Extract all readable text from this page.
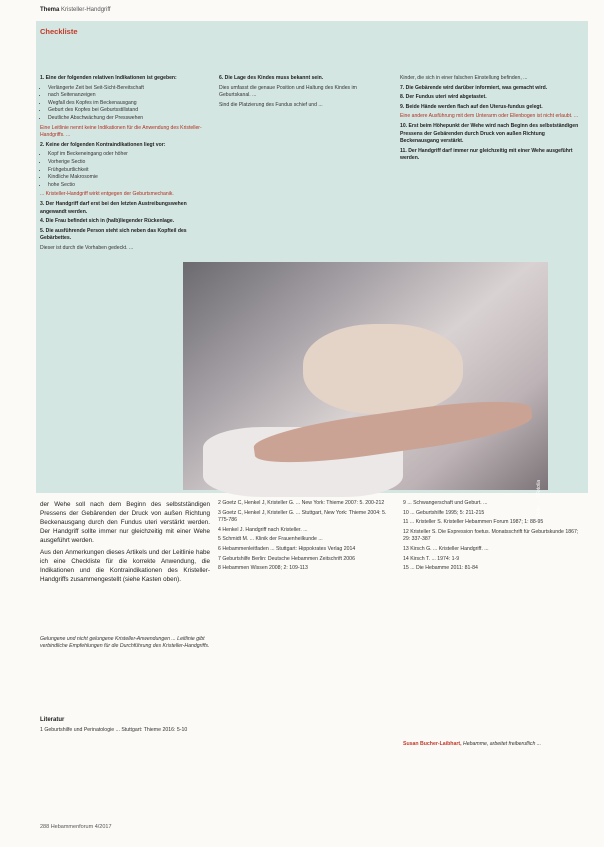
Thema Kristeller-Handgriff
Checkliste

1. Eine der folgenden relativen Indikationen ist gegeben:

• Verlängerte Zeit bei Seit-Sicht-Bereitschaft
• nach Seitenanzeigen
• Wegfall des Kopfes im Beckenausgang
• Geburt des Kopfes bei Geburtsstillstand
• Deutliche Abschwächung der Presswehen

Eine Leitlinie nennt keine Indikationen für die Anwendung des Kristeller-Handgriffs. ...

2. Keine der folgenden Kontraindikationen liegt vor:

• Kopf im Beckeneingang oder höher
• Vorherige Sectio
• Frühgeburtlichkeit
• Kindliche Makrosomie
• hohe Sectio

... Kristeller-Handgriff wirkt entgegen der Geburtsmechanik.

3. Der Handgriff darf erst bei den letzten Austreibungswehen angewandt werden.

4. Die Frau befindet sich in (halb)liegender Rückenlage.

5. Die ausführende Person steht sich neben das Kopfteil des Gebärbettes.

Dieser ist durch die Vorhaben gedeckt. ...

6. Die Lage des Kindes muss bekannt sein.

Dies umfasst die genaue Position und Haltung des Kindes im Geburtskanal. ...

Sind die Platzierung des Fundus schief und ...

Kinder, die sich in einer falschen Einstellung befinden, ...

7. Die Gebärende wird darüber informiert, was gemacht wird.

8. Der Fundus uteri wird abgetastet.

9. Beide Hände werden flach auf den Uterus-fundus gelegt.

Eine andere Ausführung mit dem Unterarm oder Ellenbogen ist nicht erlaubt. ...

10. Erst beim Höhepunkt der Wehe wird nach Beginn des selbstständigen Pressens der Gebärenden durch Druck von außen Richtung Beckenausgang verstärkt.

11. Der Handgriff darf immer nur gleichzeitig mit einer Wehe ausgeführt werden.

Foto: ... / Fotolia

der Wehe soll nach dem Beginn des selbstständigen Pressens der Gebärenden der Druck von außen Richtung Beckenausgang durch den Fundus uteri verstärkt werden. Der Handgriff sollte immer nur gleichzeitig mit einer Wehe ausgeführt werden.

Aus den Anmerkungen dieses Artikels und der Leitlinie habe ich eine Checkliste für die korrekte Anwendung, die Indikationen und die Kontraindikationen des Kristeller-Handgriffs zusammengestellt (siehe Kasten oben).

Gelungene und nicht gelungene Kristeller-Anwendungen ... Leitlinie gibt verbindliche Empfehlungen für die Durchführung des Kristeller-Handgriffs.
Literatur

1 Geburtshilfe und Perinatologie ... Stuttgart: Thieme 2016: 5-10

2 Goetz C, Henkel J, Kristeller G. ... New York: Thieme 2007: 5. 200-212

3 Goetz C, Henkel J, Kristeller G. ... Stuttgart, New York: Thieme 2004: 5. 775-786

4 Henkel J. Handgriff nach Kristeller. ...

5 Schmidt M. ... Klinik der Frauenheilkunde ...

6 Hebammenleitfaden ... Stuttgart: Hippokrates Verlag 2014

7 Geburtshilfe Berlin: Deutsche Hebammen Zeitschrift 2006

8 Hebammen Wissen 2008; 2: 109-113

9 ... Schwangerschaft und Geburt. ...

10 ... Geburtshilfe 1995; 5: 211-215

11 ... Kristeller S. Kristeller Hebammen Forum 1987; 1: 88-95

12 Kristeller S. Die Expression foetus. Monatsschrift für Geburtskunde 1867; 29: 337-387

13 Kirsch G. ... Kristeller Handgriff. ...

14 Kirsch T. ... 1974: 1-9

15 ... Die Hebamme 2011: 81-84

Susan Bucher-Laibhart, Hebamme, arbeitet freiberuflich ...
288 Hebammenforum 4/2017
